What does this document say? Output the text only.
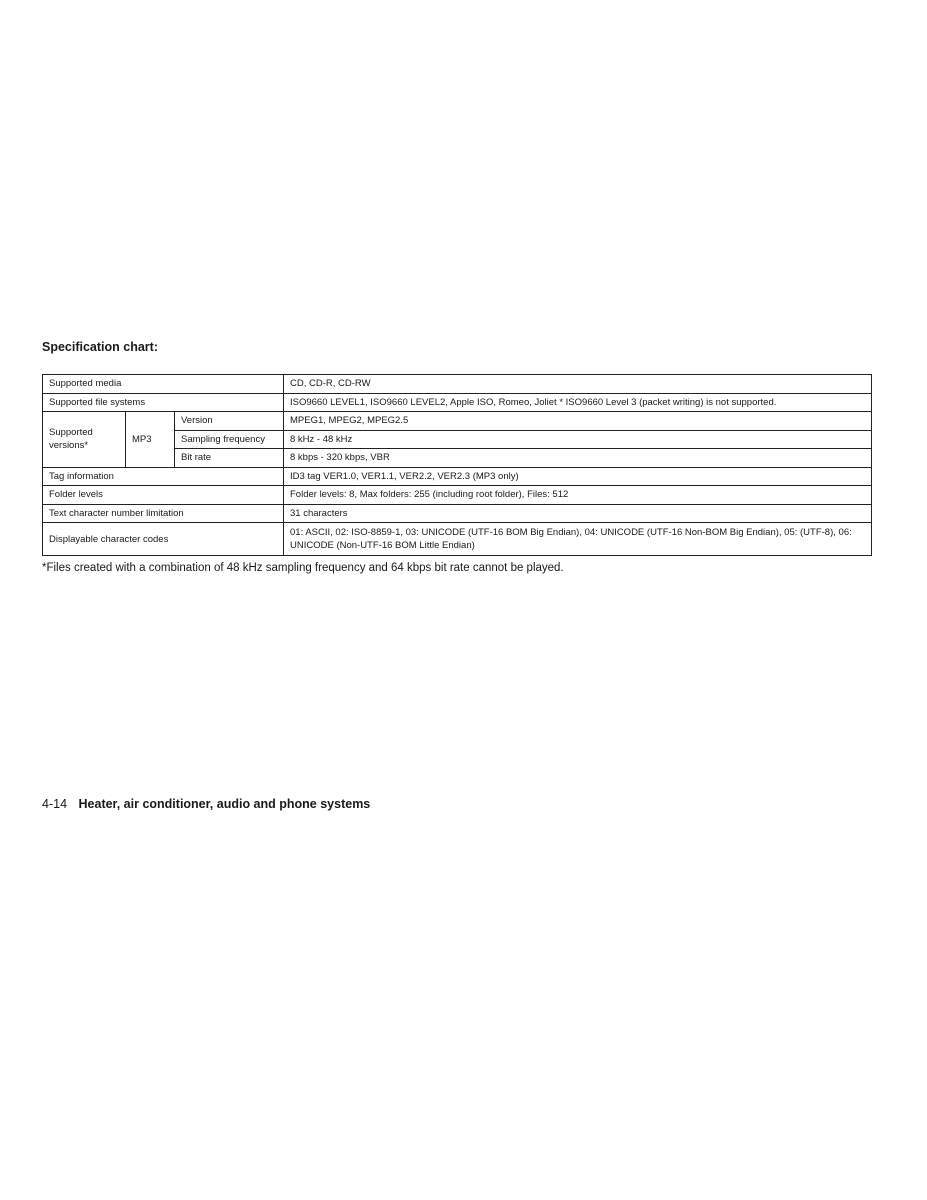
Specification chart:
Supported media			CD, CD-R, CD-RW
Supported file systems			ISO9660 LEVEL1, ISO9660 LEVEL2, Apple ISO, Romeo, Joliet * ISO9660 Level 3 (packet writing) is not supported.
Supported versions*	MP3	Version	MPEG1, MPEG2, MPEG2.5
		Sampling frequency	8 kHz - 48 kHz
		Bit rate	8 kbps - 320 kbps, VBR
Tag information			ID3 tag VER1.0, VER1.1, VER2.2, VER2.3 (MP3 only)
Folder levels			Folder levels: 8, Max folders: 255 (including root folder), Files: 512
Text character number limitation			31 characters
Displayable character codes			01: ASCII, 02: ISO-8859-1, 03: UNICODE (UTF-16 BOM Big Endian), 04: UNICODE (UTF-16 Non-BOM Big Endian), 05: (UTF-8), 06: UNICODE (Non-UTF-16 BOM Little Endian)

*Files created with a combination of 48 kHz sampling frequency and 64 kbps bit rate cannot be played.

4-14 Heater, air conditioner, audio and phone systems
